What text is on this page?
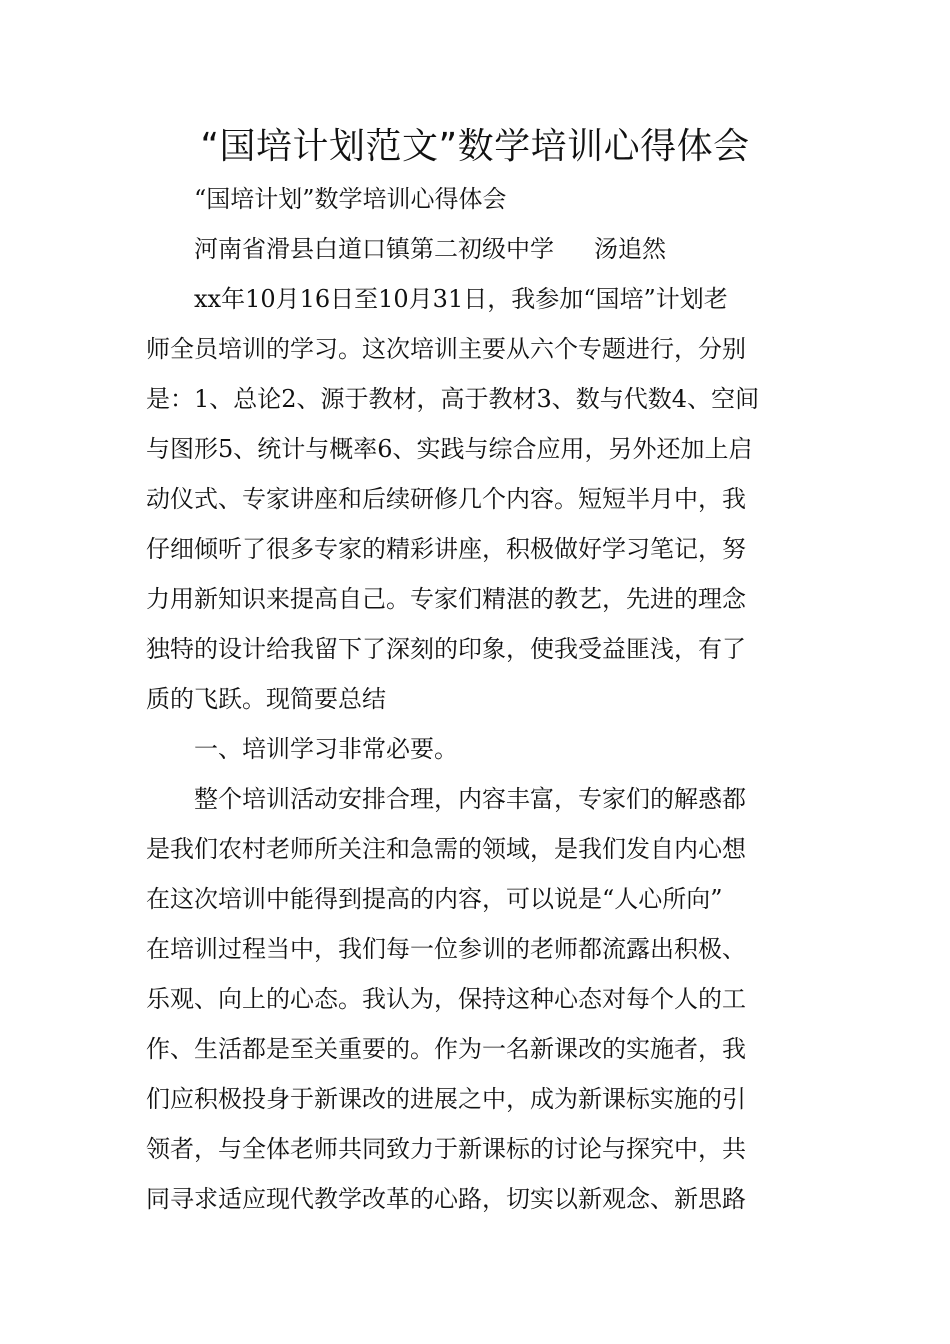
“国培计划范文”数学培训心得体会
“国培计划”数学培训心得体会
河南省滑县白道口镇第二初级中学 汤追然
xx年10月16日至10月31日，我参加“国培”计划老
师全员培训的学习。这次培训主要从六个专题进行，分别
是：1、总论2、源于教材，高于教材3、数与代数4、空间
与图形5、统计与概率6、实践与综合应用，另外还加上启
动仪式、专家讲座和后续研修几个内容。短短半月中，我
仔细倾听了很多专家的精彩讲座，积极做好学习笔记，努
力用新知识来提高自己。专家们精湛的教艺，先进的理念
独特的设计给我留下了深刻的印象，使我受益匪浅，有了
质的飞跃。现简要总结
一、培训学习非常必要。
整个培训活动安排合理，内容丰富，专家们的解惑都
是我们农村老师所关注和急需的领域，是我们发自内心想
在这次培训中能得到提高的内容，可以说是“人心所向”
在培训过程当中，我们每一位参训的老师都流露出积极、
乐观、向上的心态。我认为，保持这种心态对每个人的工
作、生活都是至关重要的。作为一名新课改的实施者，我
们应积极投身于新课改的进展之中，成为新课标实施的引
领者，与全体老师共同致力于新课标的讨论与探究中，共
同寻求适应现代教学改革的心路，切实以新观念、新思路
